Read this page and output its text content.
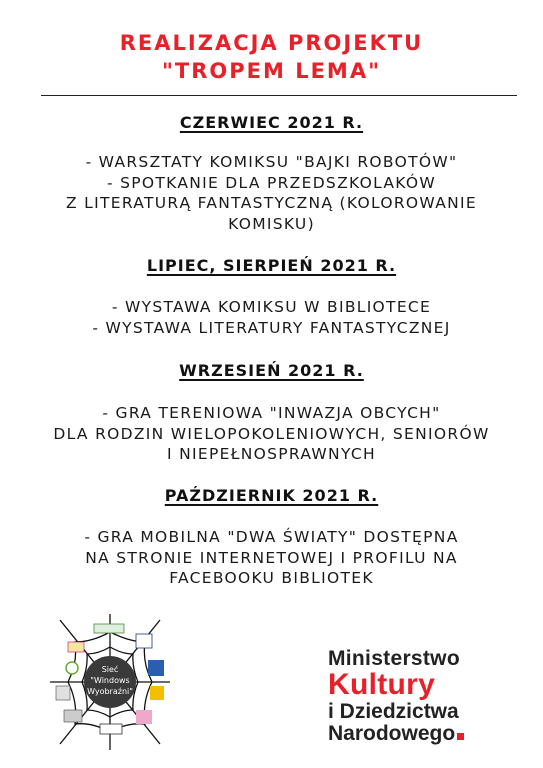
REALIZACJA PROJEKTU
"TROPEM LEMA"
CZERWIEC 2021 R.
- WARSZTATY KOMIKSU "BAJKI ROBOTÓW"
- SPOTKANIE DLA PRZEDSZKOLAKÓW
Z LITERATURĄ FANTASTYCZNĄ (KOLOROWANIE
KOMISKU)
LIPIEC, SIERPIEŃ 2021 R.
- WYSTAWA KOMIKSU W BIBLIOTECE
- WYSTAWA LITERATURY FANTASTYCZNEJ
WRZESIEŃ 2021 R.
- GRA TERENIOWA "INWAZJA OBCYCH"
DLA RODZIN WIELOPOKOLENIOWYCH, SENIORÓW
I NIEPEŁNOSPRAWNYCH
PAŹDZIERNIK 2021 R.
- GRA MOBILNA "DWA ŚWIATY" DOSTĘPNA
NA STRONIE INTERNETOWEJ I PROFILU NA
FACEBOOKU BIBLIOTEK
Sieć
"Windows
Wyobraźni"
Ministerstwo
Kultury
i Dziedzictwa
Narodowego
